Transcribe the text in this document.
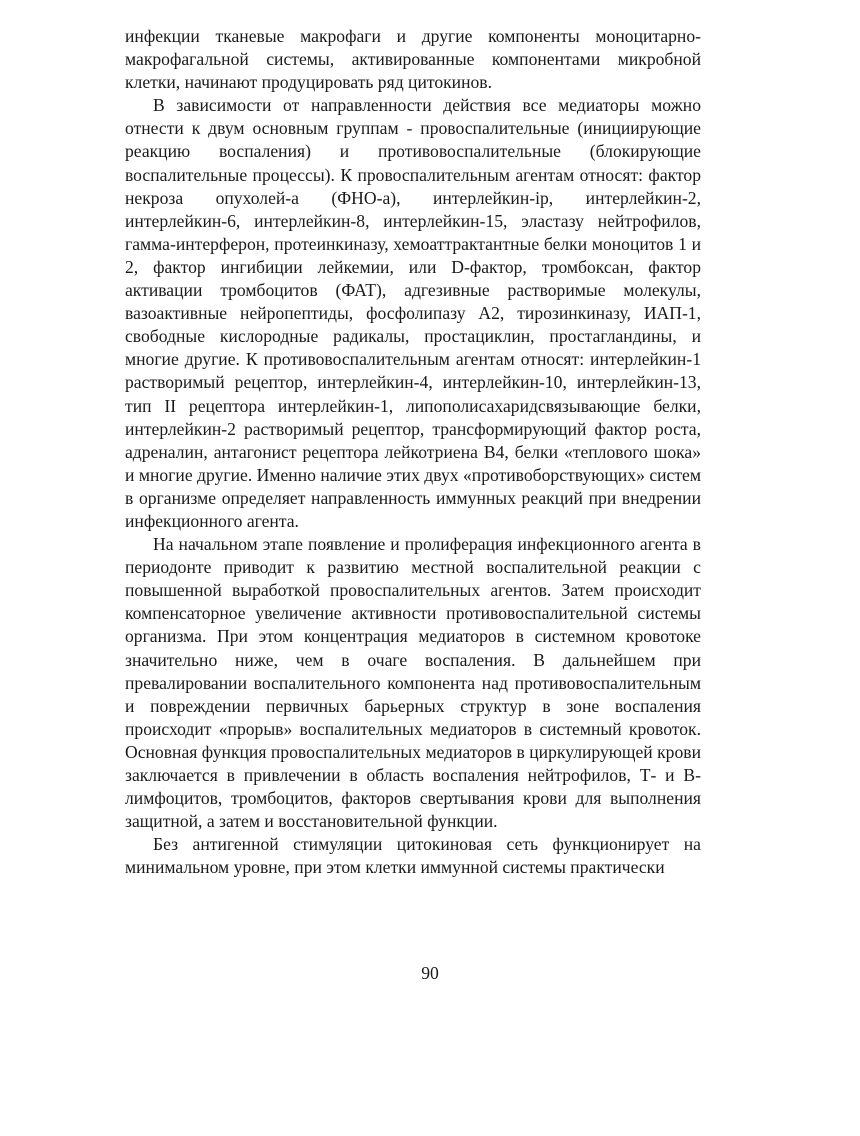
инфекции тканевые макрофаги и другие компоненты моноцитарно-макрофагальной системы, активированные компонентами микробной клетки, начинают продуцировать ряд цитокинов.

В зависимости от направленности действия все медиаторы можно отнести к двум основным группам - провоспалительные (инициирующие реакцию воспаления) и противовоспалительные (блокирующие воспалительные процессы). К провоспалительным агентам относят: фактор некроза опухолей-а (ФНО-а), интерлейкин-ір, интерлейкин-2, интерлейкин-6, интерлейкин-8, интерлейкин-15, эластазу нейтрофилов, гамма-интерферон, протеинкиназу, хемоаттрактантные белки моноцитов 1 и 2, фактор ингибиции лейкемии, или D-фактор, тромбоксан, фактор активации тромбоцитов (ФАТ), адгезивные растворимые молекулы, вазоактивные нейропептиды, фосфолипазу А2, тирозинкиназу, ИАП-1, свободные кислородные радикалы, простациклин, простагландины, и многие другие. К противовоспалительным агентам относят: интерлейкин-1 растворимый рецептор, интерлейкин-4, интерлейкин-10, интерлейкин-13, тип II рецептора интерлейкин-1, липополисахаридсвязывающие белки, интерлейкин-2 растворимый рецептор, трансформирующий фактор роста, адреналин, антагонист рецептора лейкотриена В4, белки «теплового шока» и многие другие. Именно наличие этих двух «противоборствующих» систем в организме определяет направленность иммунных реакций при внедрении инфекционного агента.

На начальном этапе появление и пролиферация инфекционного агента в периодонте приводит к развитию местной воспалительной реакции с повышенной выработкой провоспалительных агентов. Затем происходит компенсаторное увеличение активности противовоспалительной системы организма. При этом концентрация медиаторов в системном кровотоке значительно ниже, чем в очаге воспаления. В дальнейшем при превалировании воспалительного компонента над противовоспалительным и повреждении первичных барьерных структур в зоне воспаления происходит «прорыв» воспалительных медиаторов в системный кровоток. Основная функция провоспалительных медиаторов в циркулирующей крови заключается в привлечении в область воспаления нейтрофилов, Т- и В-лимфоцитов, тромбоцитов, факторов свертывания крови для выполнения защитной, а затем и восстановительной функции.

Без антигенной стимуляции цитокиновая сеть функционирует на минимальном уровне, при этом клетки иммунной системы практически

90
